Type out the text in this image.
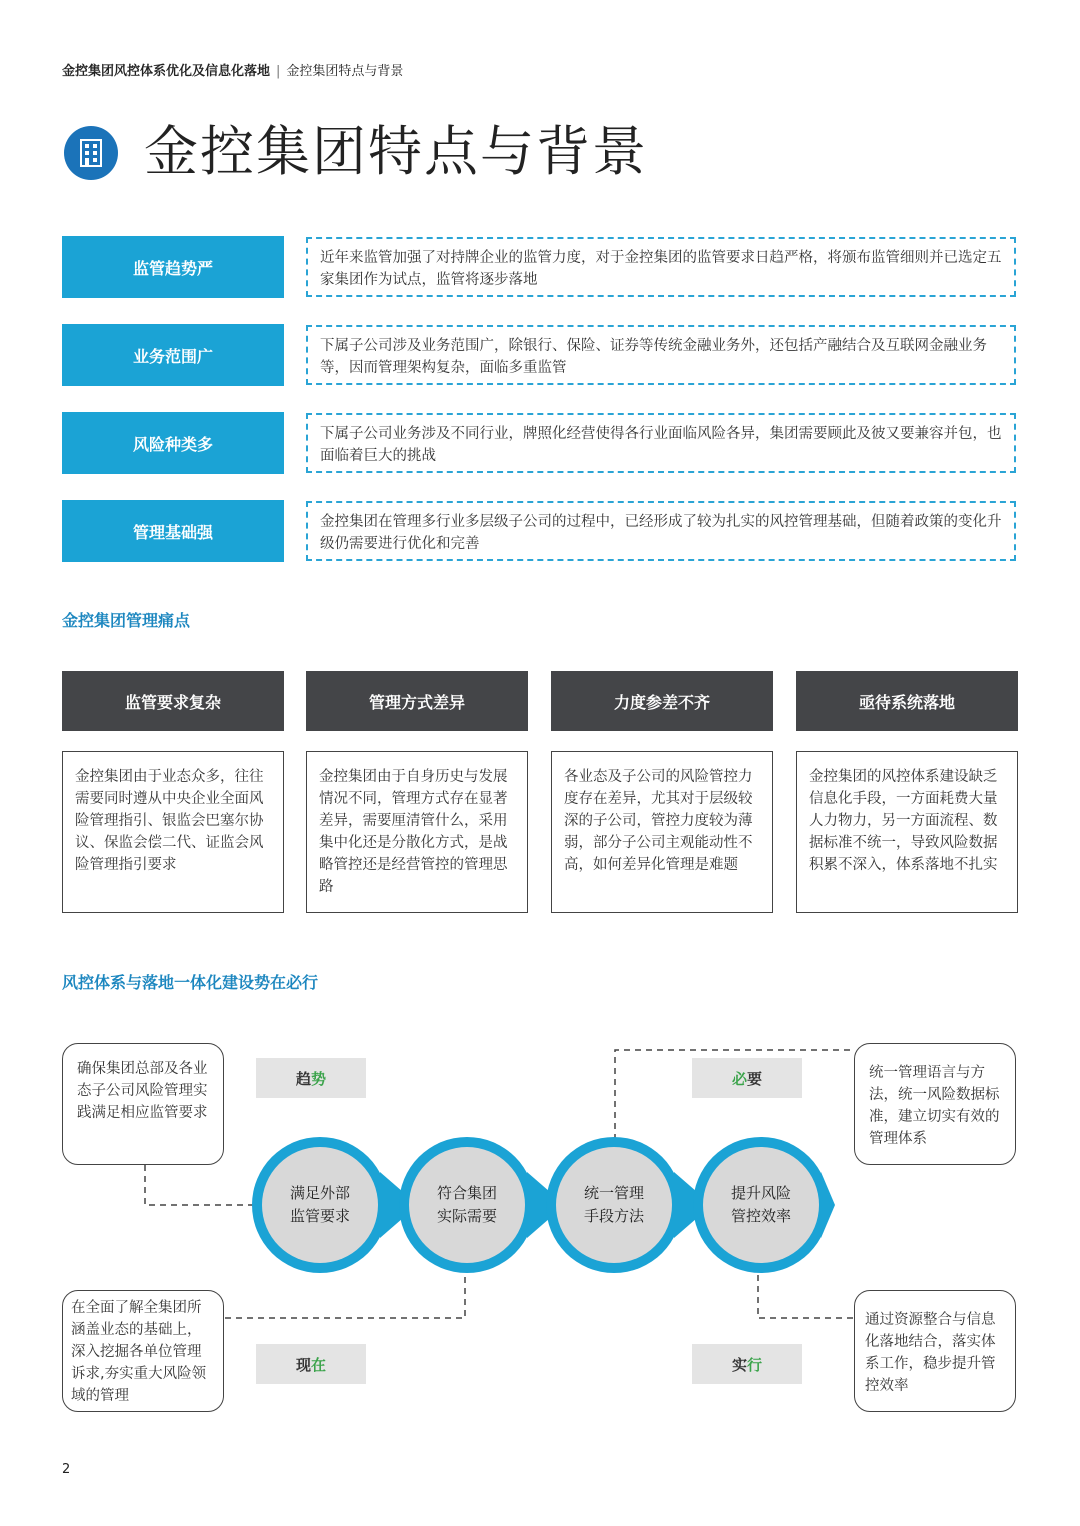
金控集团风控体系优化及信息化落地 | 金控集团特点与背景
金控集团特点与背景
监管趋势严
近年来监管加强了对持牌企业的监管力度，对于金控集团的监管要求日趋严格，将颁布监管细则并已选定五家集团作为试点，监管将逐步落地
业务范围广
下属子公司涉及业务范围广，除银行、保险、证券等传统金融业务外，还包括产融结合及互联网金融业务等，因而管理架构复杂，面临多重监管
风险种类多
下属子公司业务涉及不同行业，牌照化经营使得各行业面临风险各异，集团需要顾此及彼又要兼容并包，也面临着巨大的挑战
管理基础强
金控集团在管理多行业多层级子公司的过程中，已经形成了较为扎实的风控管理基础，但随着政策的变化升级仍需要进行优化和完善
金控集团管理痛点
监管要求复杂	管理方式差异	力度参差不齐	亟待系统落地
金控集团由于业态众多，往往需要同时遵从中央企业全面风险管理指引、银监会巴塞尔协议、保监会偿二代、证监会风险管理指引要求
金控集团由于自身历史与发展情况不同，管理方式存在显著差异，需要厘清管什么，采用集中化还是分散化方式，是战略管控还是经营管控的管理思路
各业态及子公司的风险管控力度存在差异，尤其对于层级较深的子公司，管控力度较为薄弱，部分子公司主观能动性不高，如何差异化管理是难题
金控集团的风控体系建设缺乏信息化手段，一方面耗费大量人力物力，另一方面流程、数据标准不统一，导致风险数据积累不深入，体系落地不扎实
风控体系与落地一体化建设势在必行
满足外部
监管要求
符合集团
实际需要
统一管理
手段方法
提升风险
管控效率
趋 势	必 要
现 在	实 行
确保集团总部及各业态子公司风险管理实践满足相应监管要求
在全面了解全集团所涵盖业态的基础上，深入挖掘各单位管理诉求,夯实重大风险领域的管理
统一管理语言与方法，统一风险数据标准，建立切实有效的管理体系
通过资源整合与信息化落地结合，落实体系工作，稳步提升管控效率
2
